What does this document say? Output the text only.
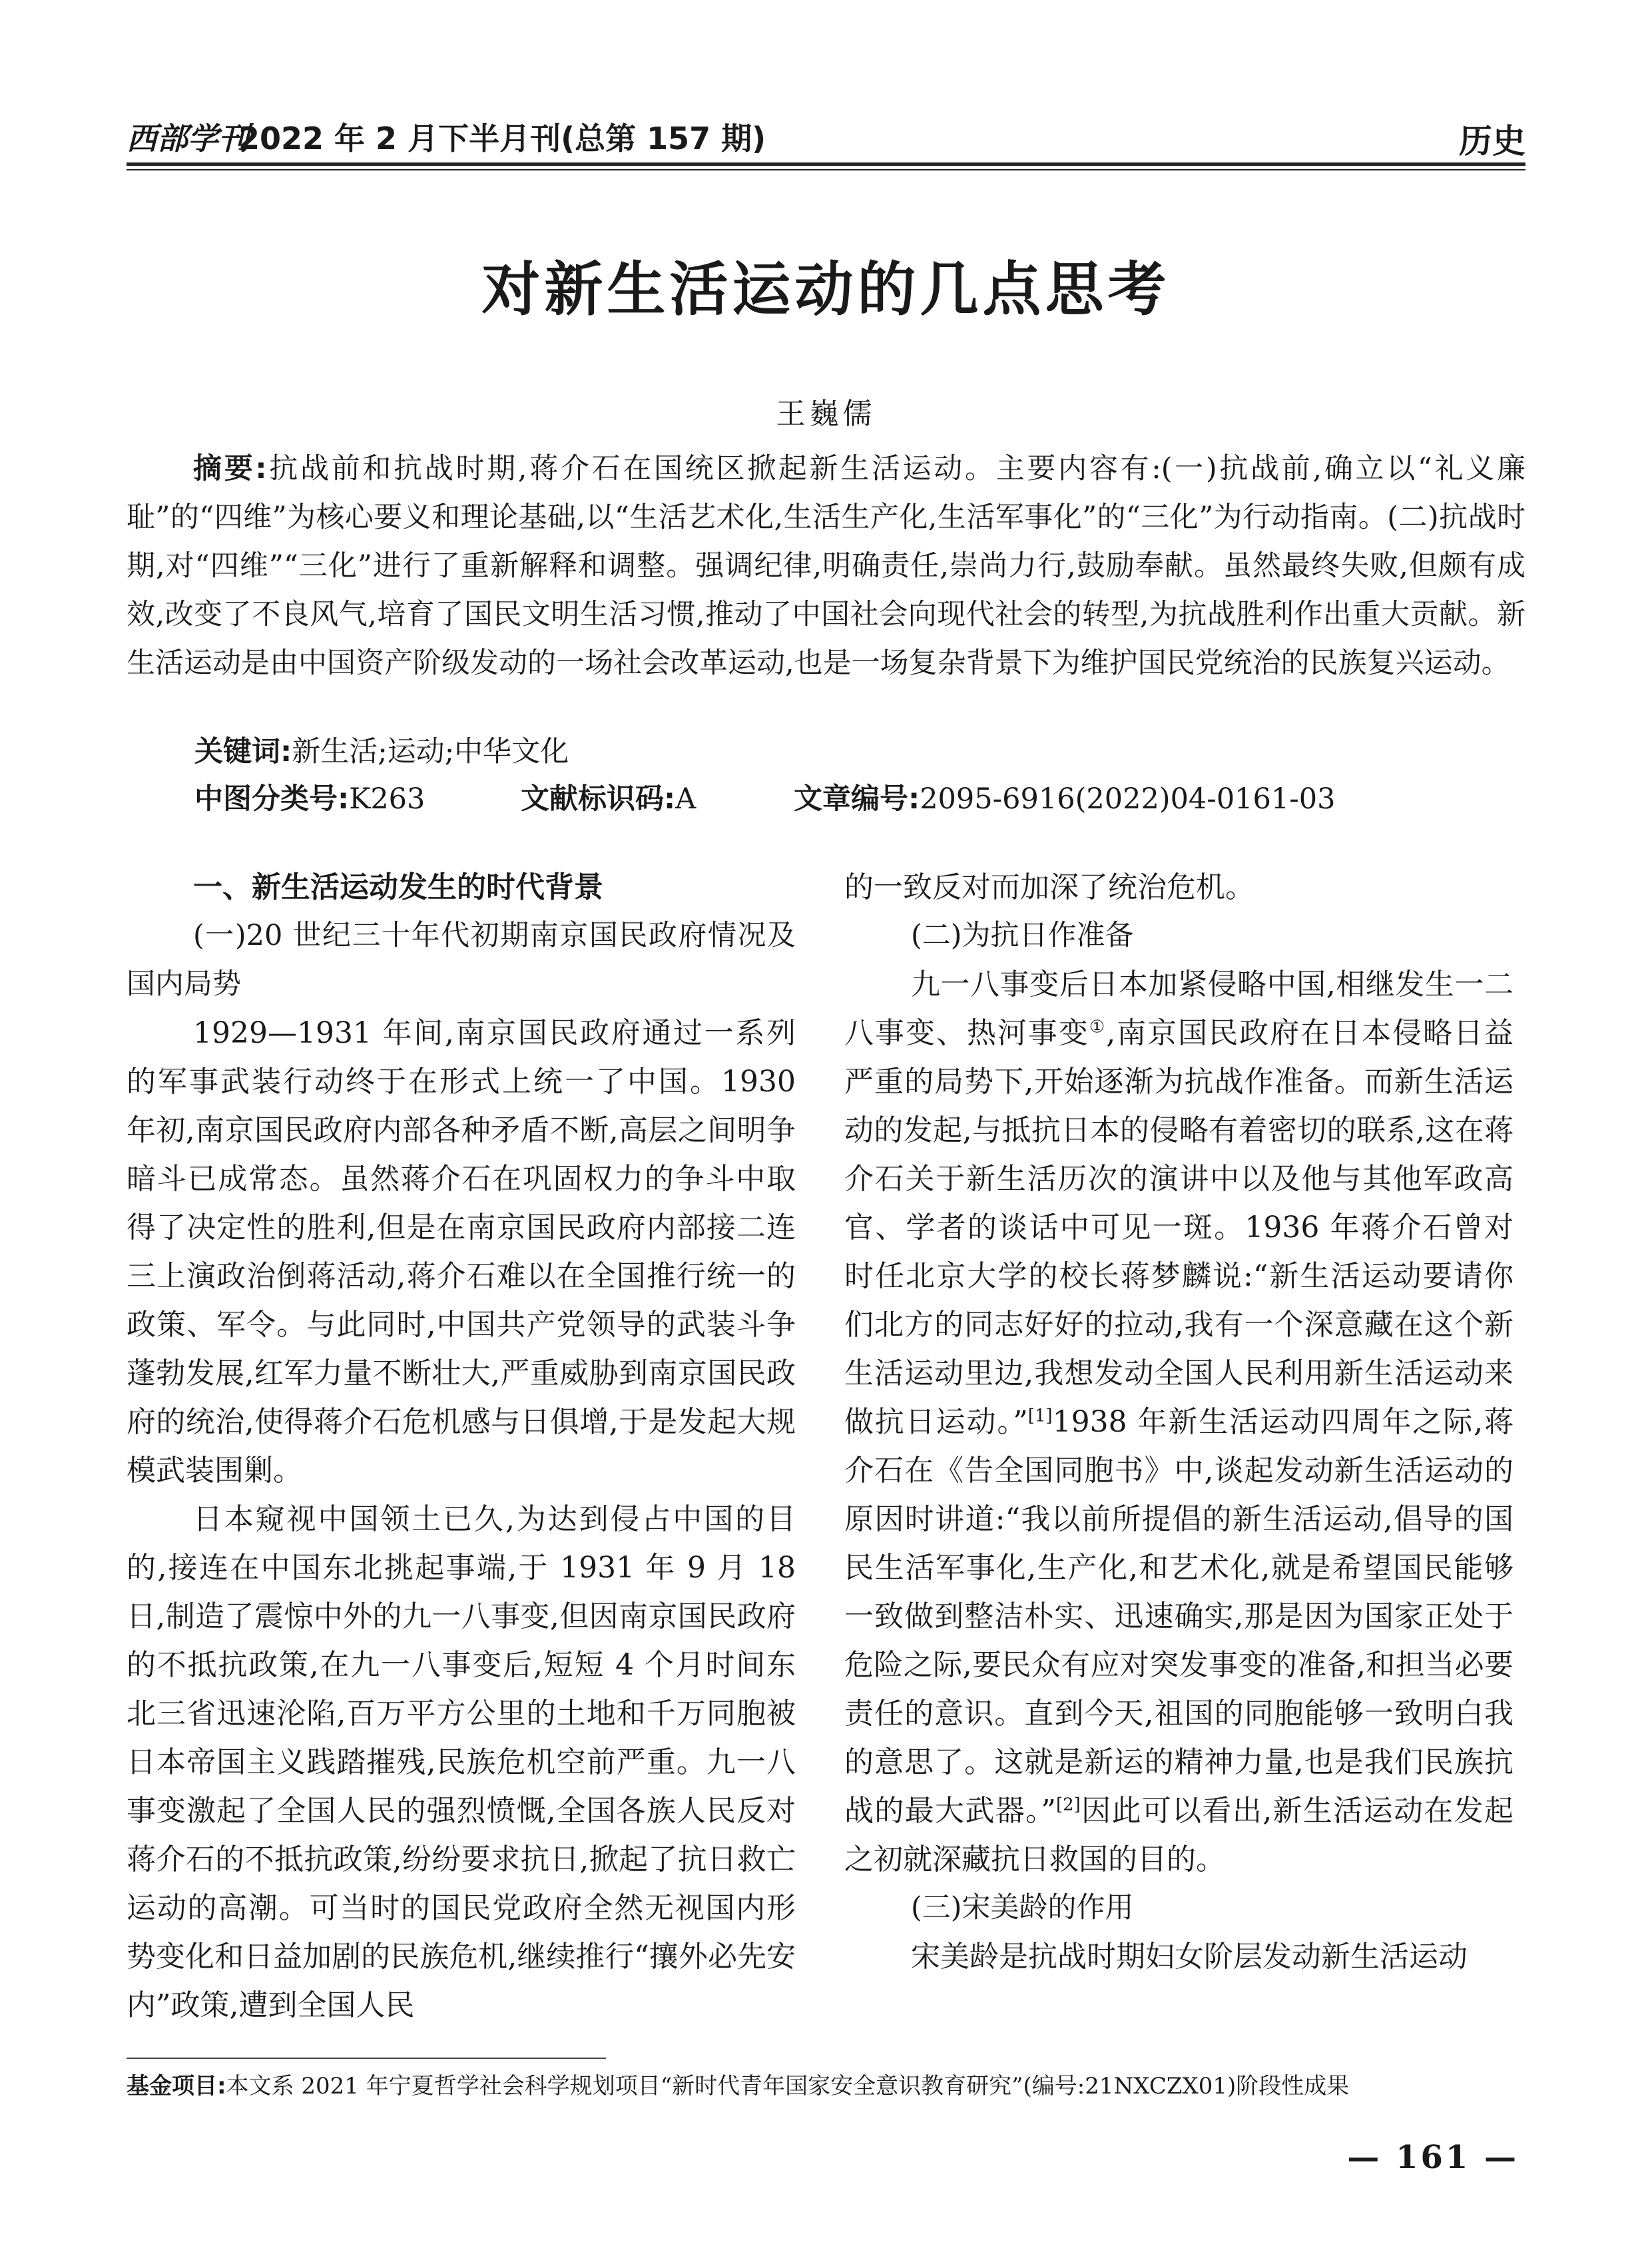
西部学刊
2022 年 2 月下半月刊(总第 157 期)	历史
对新生活运动的几点思考
王巍儒
摘要:抗战前和抗战时期,蒋介石在国统区掀起新生活运动。主要内容有:(一)抗战前,确立以“礼义廉耻”的“四维”为核心要义和理论基础,以“生活艺术化,生活生产化,生活军事化”的“三化”为行动指南。(二)抗战时期,对“四维”“三化”进行了重新解释和调整。强调纪律,明确责任,崇尚力行,鼓励奉献。虽然最终失败,但颇有成效,改变了不良风气,培育了国民文明生活习惯,推动了中国社会向现代社会的转型,为抗战胜利作出重大贡献。新生活运动是由中国资产阶级发动的一场社会改革运动,也是一场复杂背景下为维护国民党统治的民族复兴运动。
关键词:新生活;运动;中华文化
中图分类号:K263	文献标识码:A	文章编号:2095-6916(2022)04-0161-03
一、新生活运动发生的时代背景
(一)20 世纪三十年代初期南京国民政府情况及国内局势

1929—1931 年间,南京国民政府通过一系列的军事武装行动终于在形式上统一了中国。1930 年初,南京国民政府内部各种矛盾不断,高层之间明争暗斗已成常态。虽然蒋介石在巩固权力的争斗中取得了决定性的胜利,但是在南京国民政府内部接二连三上演政治倒蒋活动,蒋介石难以在全国推行统一的政策、军令。与此同时,中国共产党领导的武装斗争蓬勃发展,红军力量不断壮大,严重威胁到南京国民政府的统治,使得蒋介石危机感与日俱增,于是发起大规模武装围剿。

日本窥视中国领土已久,为达到侵占中国的目的,接连在中国东北挑起事端,于 1931 年 9 月 18 日,制造了震惊中外的九一八事变,但因南京国民政府的不抵抗政策,在九一八事变后,短短 4 个月时间东北三省迅速沦陷,百万平方公里的土地和千万同胞被日本帝国主义践踏摧残,民族危机空前严重。九一八事变激起了全国人民的强烈愤慨,全国各族人民反对蒋介石的不抵抗政策,纷纷要求抗日,掀起了抗日救亡运动的高潮。可当时的国民党政府全然无视国内形势变化和日益加剧的民族危机,继续推行“攘外必先安内”政策,遭到全国人民

的一致反对而加深了统治危机。

(二)为抗日作准备

九一八事变后日本加紧侵略中国,相继发生一二八事变、热河事变①,南京国民政府在日本侵略日益严重的局势下,开始逐渐为抗战作准备。而新生活运动的发起,与抵抗日本的侵略有着密切的联系,这在蒋介石关于新生活历次的演讲中以及他与其他军政高官、学者的谈话中可见一斑。1936 年蒋介石曾对时任北京大学的校长蒋梦麟说:“新生活运动要请你们北方的同志好好的拉动,我有一个深意藏在这个新生活运动里边,我想发动全国人民利用新生活运动来做抗日运动。”[1]1938 年新生活运动四周年之际,蒋介石在《告全国同胞书》中,谈起发动新生活运动的原因时讲道:“我以前所提倡的新生活运动,倡导的国民生活军事化,生产化,和艺术化,就是希望国民能够一致做到整洁朴实、迅速确实,那是因为国家正处于危险之际,要民众有应对突发事变的准备,和担当必要责任的意识。直到今天,祖国的同胞能够一致明白我的意思了。这就是新运的精神力量,也是我们民族抗战的最大武器。”[2]因此可以看出,新生活运动在发起之初就深藏抗日救国的目的。

(三)宋美龄的作用

宋美龄是抗战时期妇女阶层发动新生活运动

基金项目:本文系 2021 年宁夏哲学社会科学规划项目“新时代青年国家安全意识教育研究”(编号:21NXCZX01)阶段性成果
— 161 —
